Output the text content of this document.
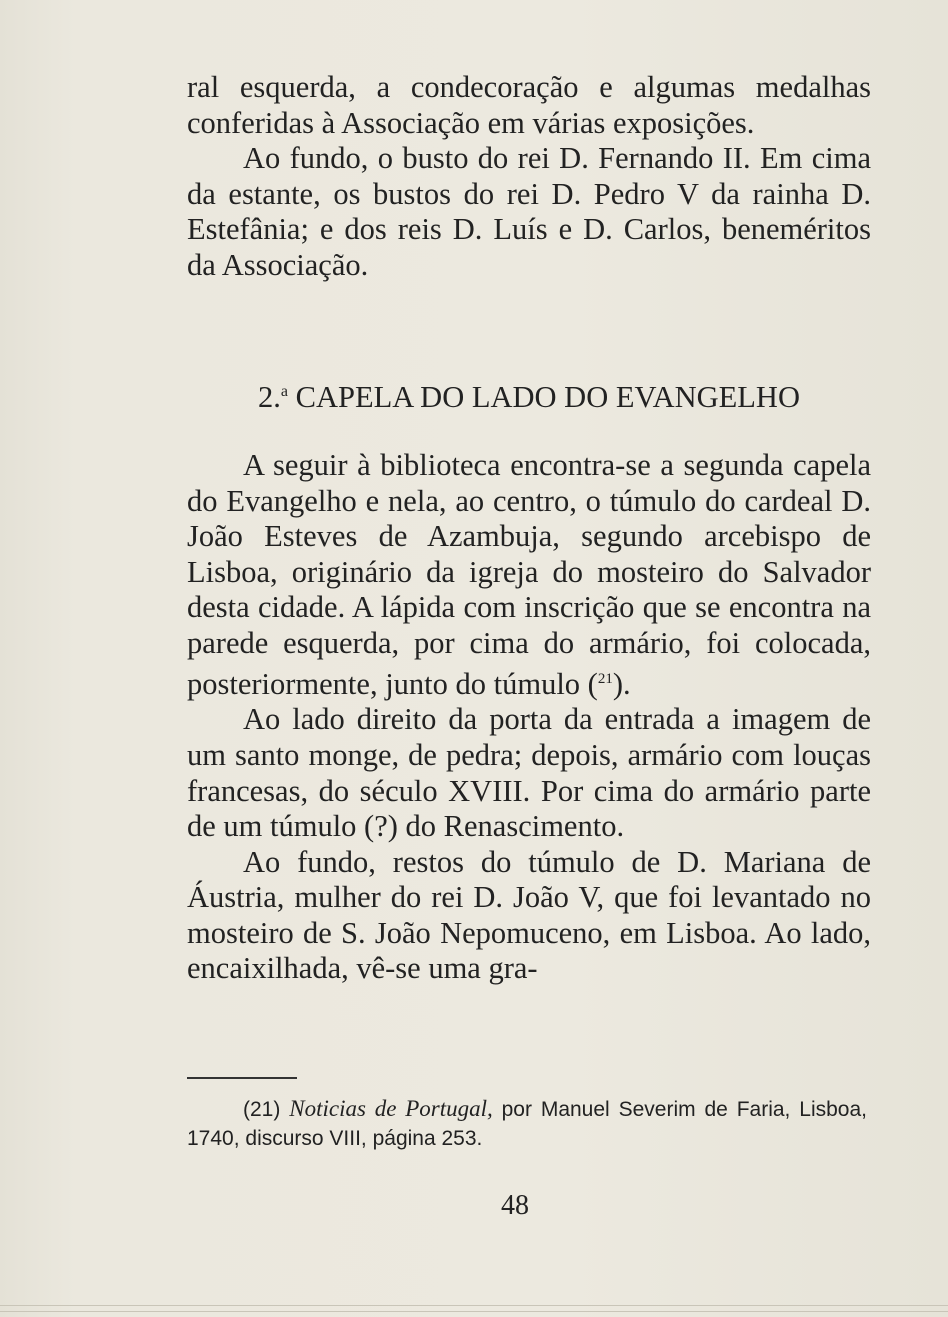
ral esquerda, a condecoração e algumas medalhas conferidas à Associação em várias exposições.

Ao fundo, o busto do rei D. Fernando II. Em cima da estante, os bustos do rei D. Pedro V da rainha D. Estefânia; e dos reis D. Luís e D. Carlos, beneméritos da Associação.

2.$^a$ CAPELA DO LADO DO EVANGELHO

A seguir à biblioteca encontra-se a segunda capela do Evangelho e nela, ao centro, o túmulo do cardeal D. João Esteves de Azambuja, segundo arcebispo de Lisboa, originário da igreja do mosteiro do Salvador desta cidade. A lápida com inscrição que se encontra na parede esquerda, por cima do armário, foi colocada, posteriormente, junto do túmulo ($^{21}$).

Ao lado direito da porta da entrada a imagem de um santo monge, de pedra; depois, armário com louças francesas, do século XVIII. Por cima do armário parte de um túmulo (?) do Renascimento.

Ao fundo, restos do túmulo de D. Mariana de Áustria, mulher do rei D. João V, que foi levantado no mosteiro de S. João Nepomuceno, em Lisboa. Ao lado, encaixilhada, vê-se uma gra-

(21) Noticias de Portugal, por Manuel Severim de Faria, Lisboa, 1740, discurso VIII, página 253.
48
